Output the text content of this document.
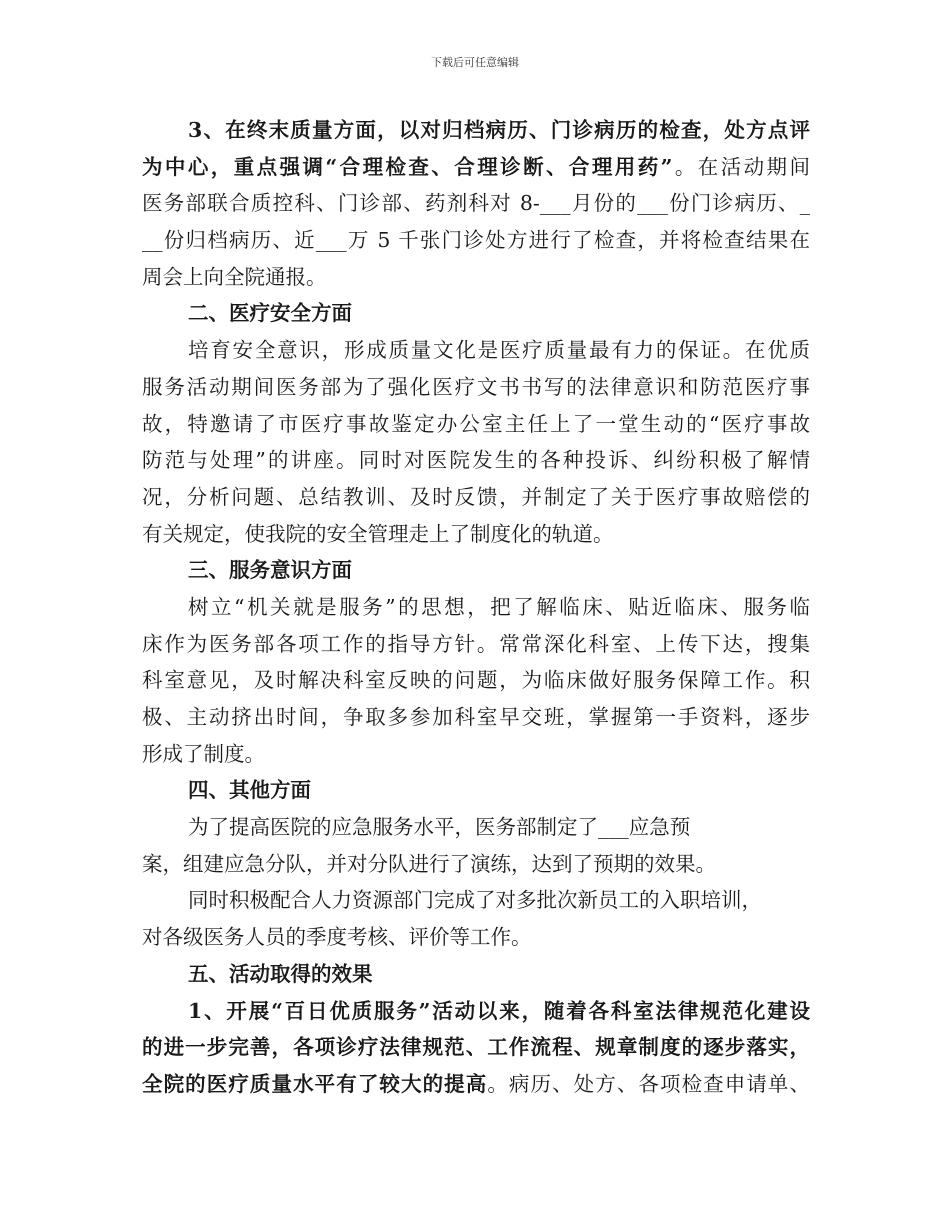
下载后可任意编辑
3、在终末质量方面，以对归档病历、门诊病历的检查，处方点评
为中心，重点强调“合理检查、合理诊断、合理用药”。在活动期间
医务部联合质控科、门诊部、药剂科对 8-___月份的___份门诊病历、_
__份归档病历、近___万 5 千张门诊处方进行了检查，并将检查结果在
周会上向全院通报。
二、医疗安全方面
培育安全意识，形成质量文化是医疗质量最有力的保证。在优质
服务活动期间医务部为了强化医疗文书书写的法律意识和防范医疗事
故，特邀请了市医疗事故鉴定办公室主任上了一堂生动的“医疗事故
防范与处理”的讲座。同时对医院发生的各种投诉、纠纷积极了解情
况，分析问题、总结教训、及时反馈，并制定了关于医疗事故赔偿的
有关规定，使我院的安全管理走上了制度化的轨道。
三、服务意识方面
树立“机关就是服务”的思想，把了解临床、贴近临床、服务临
床作为医务部各项工作的指导方针。常常深化科室、上传下达，搜集
科室意见，及时解决科室反映的问题，为临床做好服务保障工作。积
极、主动挤出时间，争取多参加科室早交班，掌握第一手资料，逐步
形成了制度。
四、其他方面
为了提高医院的应急服务水平，医务部制定了___应急预
案，组建应急分队，并对分队进行了演练，达到了预期的效果。
同时积极配合人力资源部门完成了对多批次新员工的入职培训，
对各级医务人员的季度考核、评价等工作。
五、活动取得的效果
1、开展“百日优质服务”活动以来，随着各科室法律规范化建设
的进一步完善，各项诊疗法律规范、工作流程、规章制度的逐步落实，
全院的医疗质量水平有了较大的提高。病历、处方、各项检查申请单、
